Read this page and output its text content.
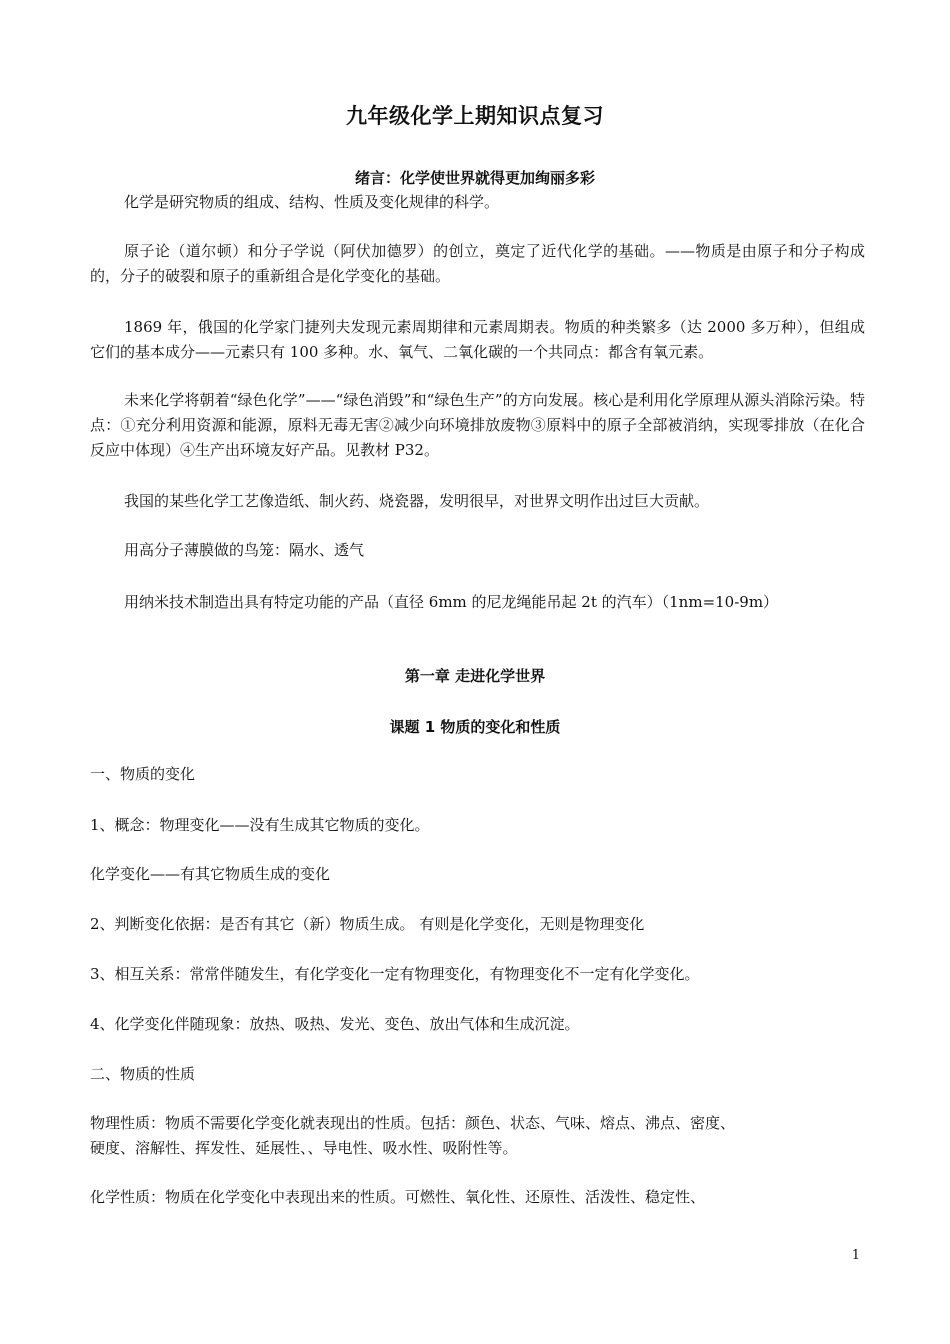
九年级化学上期知识点复习
绪言：化学使世界就得更加绚丽多彩
化学是研究物质的组成、结构、性质及变化规律的科学。
原子论（道尔顿）和分子学说（阿伏加德罗）的创立，奠定了近代化学的基础。——物质是由原子和分子构成的，分子的破裂和原子的重新组合是化学变化的基础。
1869 年，俄国的化学家门捷列夫发现元素周期律和元素周期表。物质的种类繁多（达 2000 多万种），但组成它们的基本成分——元素只有 100 多种。水、氧气、二氧化碳的一个共同点：都含有氧元素。
未来化学将朝着“绿色化学”——“绿色消毁”和“绿色生产”的方向发展。核心是利用化学原理从源头消除污染。特点：①充分利用资源和能源，原料无毒无害②减少向环境排放废物③原料中的原子全部被消纳，实现零排放（在化合反应中体现）④生产出环境友好产品。见教材 P32。
我国的某些化学工艺像造纸、制火药、烧瓷器，发明很早，对世界文明作出过巨大贡献。
用高分子薄膜做的鸟笼：隔水、透气
用纳米技术制造出具有特定功能的产品（直径 6mm 的尼龙绳能吊起 2t 的汽车）（1nm=10-9m）
第一章 走进化学世界
课题 1 物质的变化和性质
一、物质的变化
1、概念：物理变化——没有生成其它物质的变化。
化学变化——有其它物质生成的变化
2、判断变化依据：是否有其它（新）物质生成。 有则是化学变化，无则是物理变化
3、相互关系：常常伴随发生，有化学变化一定有物理变化，有物理变化不一定有化学变化。
4、化学变化伴随现象：放热、吸热、发光、变色、放出气体和生成沉淀。
二、物质的性质
物理性质：物质不需要化学变化就表现出的性质。包括：颜色、状态、气味、熔点、沸点、密度、
硬度、溶解性、挥发性、延展性、、导电性、吸水性、吸附性等。
化学性质：物质在化学变化中表现出来的性质。可燃性、氧化性、还原性、活泼性、稳定性、
1
